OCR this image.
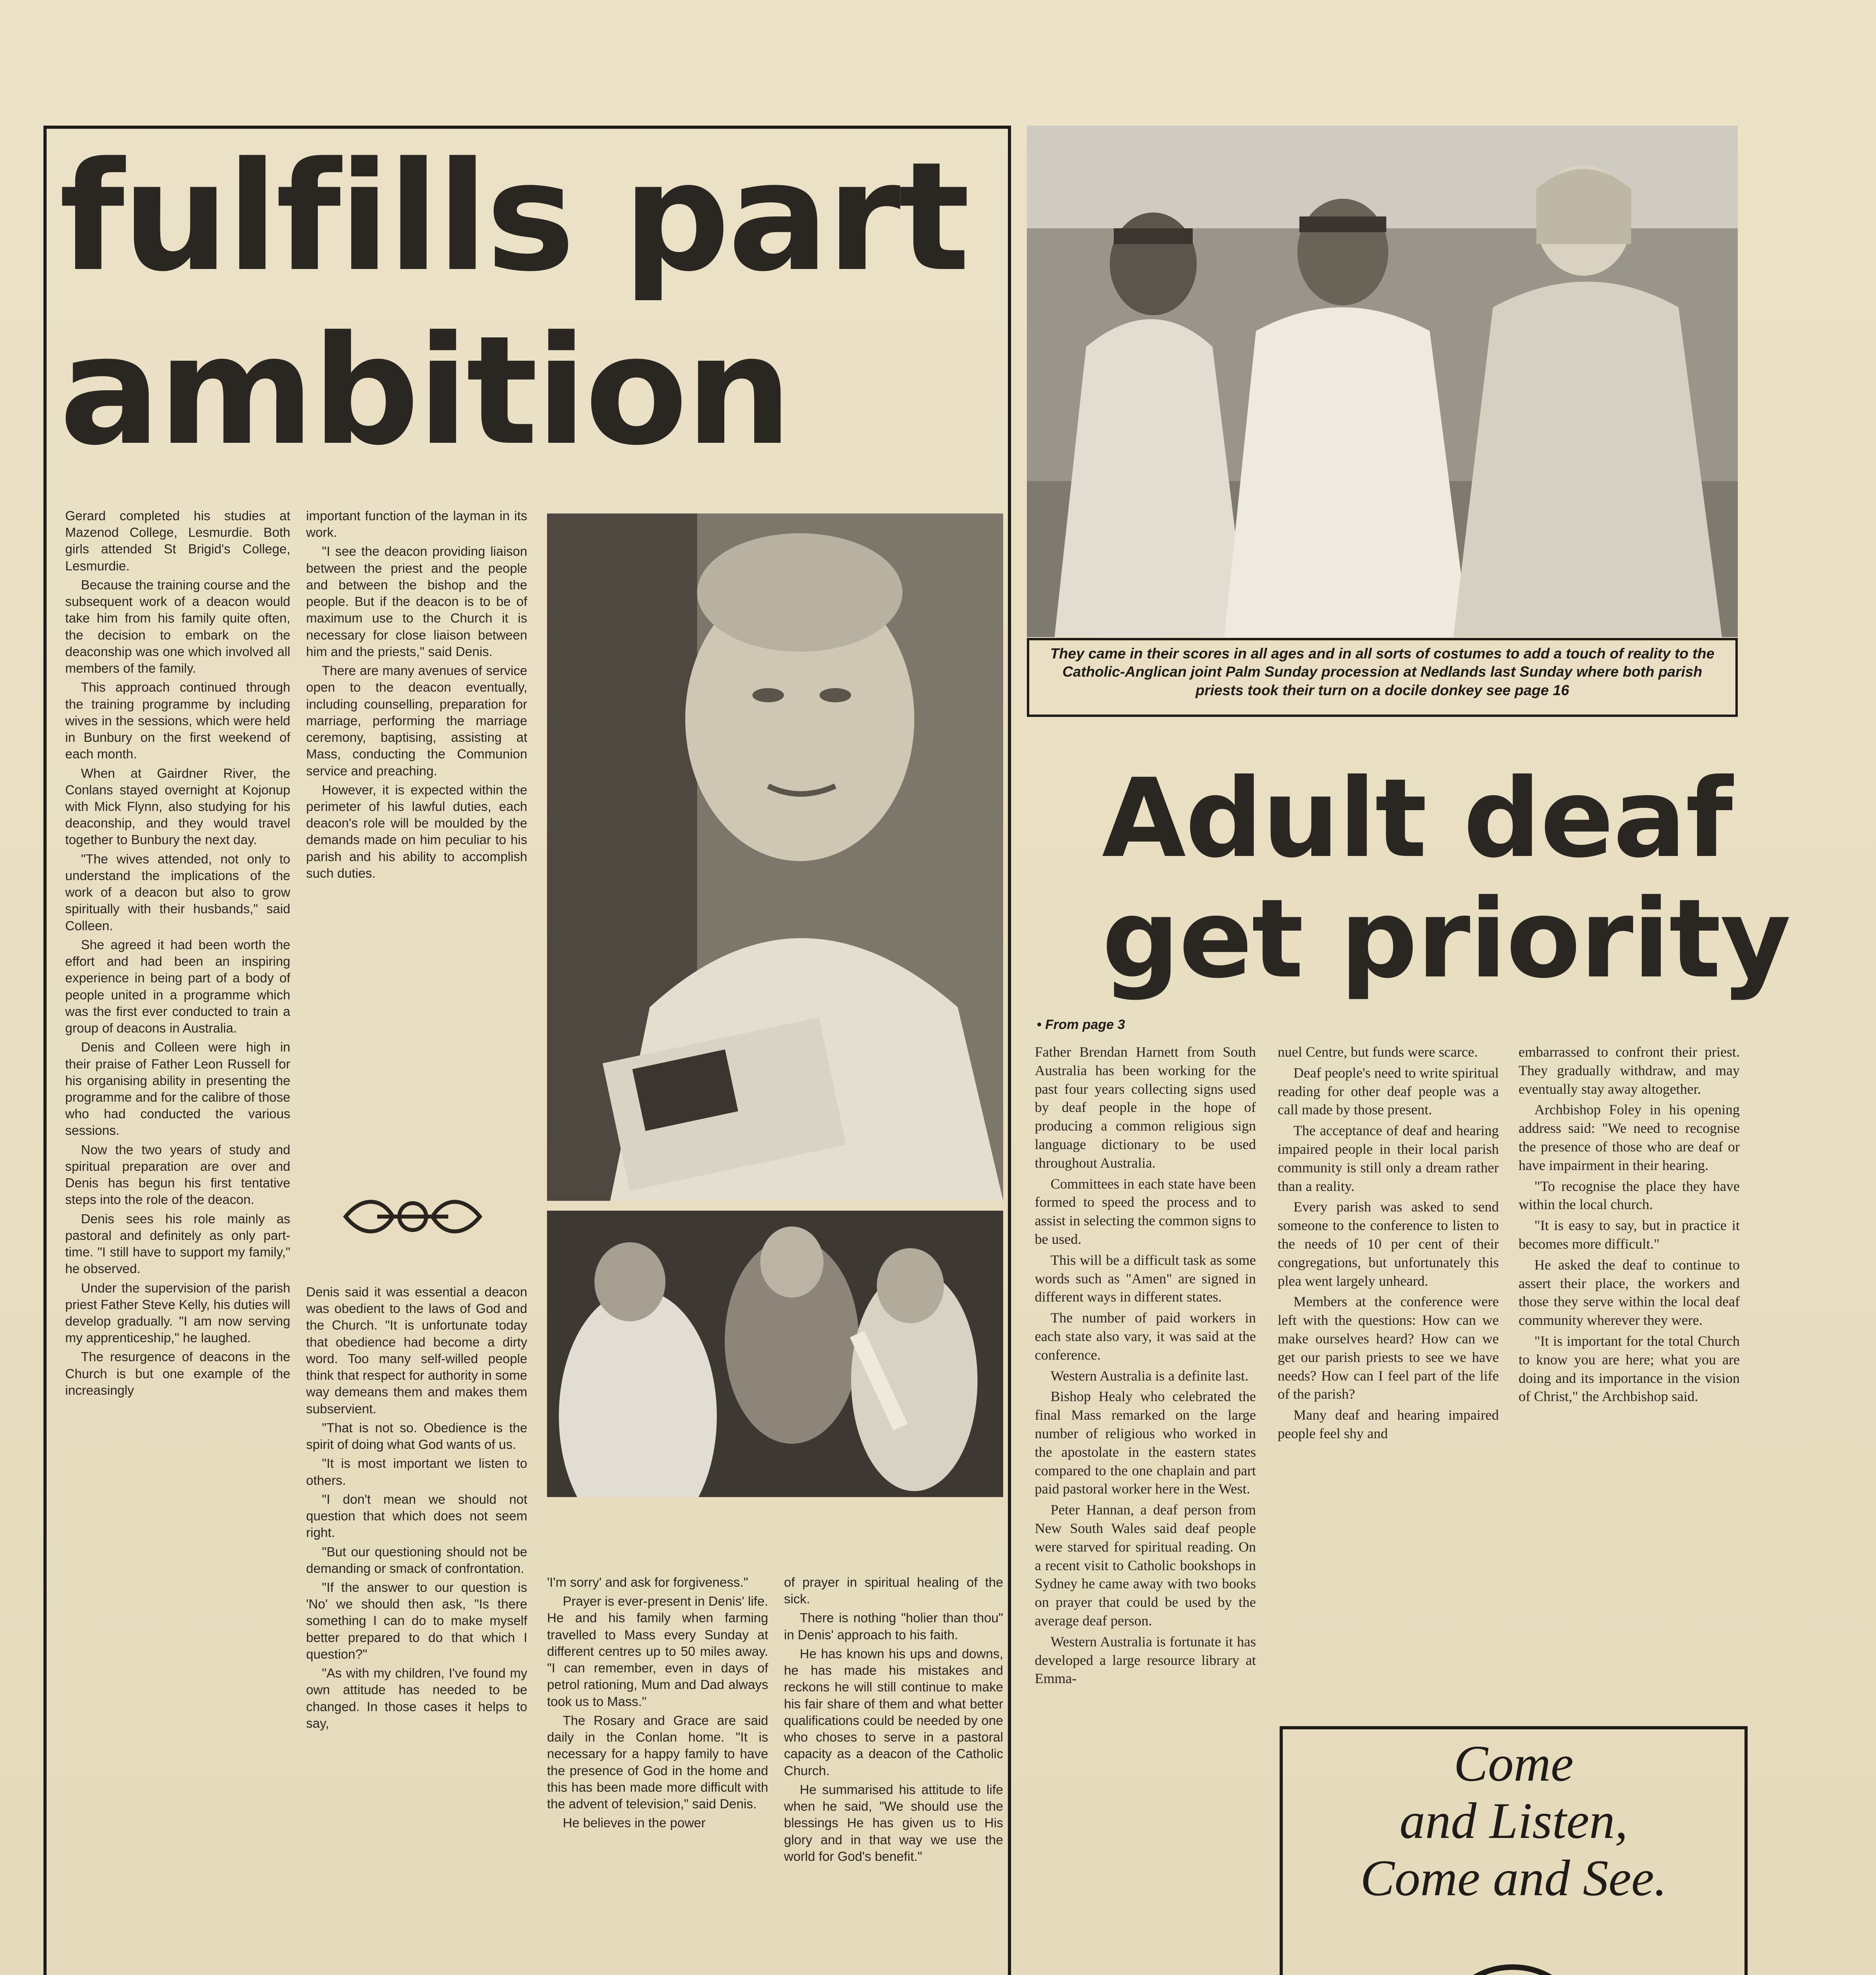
fulfills part
ambition

Gerard completed his studies at Mazenod College, Lesmurdie. Both girls attended St Brigid's College, Lesmurdie.

Because the training course and the subsequent work of a deacon would take him from his family quite often, the decision to embark on the deaconship was one which involved all members of the family.

This approach continued through the training programme by including wives in the sessions, which were held in Bunbury on the first weekend of each month.

When at Gairdner River, the Conlans stayed overnight at Kojonup with Mick Flynn, also studying for his deaconship, and they would travel together to Bunbury the next day.

"The wives attended, not only to understand the implications of the work of a deacon but also to grow spiritually with their husbands," said Colleen.

She agreed it had been worth the effort and had been an inspiring experience in being part of a body of people united in a programme which was the first ever conducted to train a group of deacons in Australia.

Denis and Colleen were high in their praise of Father Leon Russell for his organising ability in presenting the programme and for the calibre of those who had conducted the various sessions.

Now the two years of study and spiritual preparation are over and Denis has begun his first tentative steps into the role of the deacon.

Denis sees his role mainly as pastoral and definitely as only part-time. "I still have to support my family," he observed.

Under the supervision of the parish priest Father Steve Kelly, his duties will develop gradually. "I am now serving my apprenticeship," he laughed.

The resurgence of deacons in the Church is but one example of the increasingly

important function of the layman in its work.

"I see the deacon providing liaison between the priest and the people and between the bishop and the people. But if the deacon is to be of maximum use to the Church it is necessary for close liaison between him and the priests," said Denis.

There are many avenues of service open to the deacon eventually, including counselling, preparation for marriage, performing the marriage ceremony, baptising, assisting at Mass, conducting the Communion service and preaching.

However, it is expected within the perimeter of his lawful duties, each deacon's role will be moulded by the demands made on him peculiar to his parish and his ability to accomplish such duties.

Denis said it was essential a deacon was obedient to the laws of God and the Church. "It is unfortunate today that obedience had become a dirty word. Too many self-willed people think that respect for authority in some way demeans them and makes them subservient.

"That is not so. Obedience is the spirit of doing what God wants of us.

"It is most important we listen to others.

"I don't mean we should not question that which does not seem right.

"But our questioning should not be demanding or smack of confrontation.

"If the answer to our question is 'No' we should then ask, "Is there something I can do to make myself better prepared to do that which I question?"

"As with my children, I've found my own attitude has needed to be changed. In those cases it helps to say,

'I'm sorry' and ask for forgiveness."

Prayer is ever-present in Denis' life. He and his family when farming travelled to Mass every Sunday at different centres up to 50 miles away. "I can remember, even in days of petrol rationing, Mum and Dad always took us to Mass."

The Rosary and Grace are said daily in the Conlan home. "It is necessary for a happy family to have the presence of God in the home and this has been made more difficult with the advent of television," said Denis.

He believes in the power

of prayer in spiritual healing of the sick.

There is nothing "holier than thou" in Denis' approach to his faith.

He has known his ups and downs, he has made his mistakes and reckons he will still continue to make his fair share of them and what better qualifications could be needed by one who choses to serve in a pastoral capacity as a deacon of the Catholic Church.

He summarised his attitude to life when he said, "We should use the blessings He has given us to His glory and in that way we use the world for God's benefit."

They came in their scores in all ages and in all sorts of costumes to add a touch of reality to the Catholic-Anglican joint Palm Sunday procession at Nedlands last Sunday where both parish priests took their turn on a docile donkey see page 16
Adult deaf
get priority
• From page 3

Father Brendan Harnett from South Australia has been working for the past four years collecting signs used by deaf people in the hope of producing a common religious sign language dictionary to be used throughout Australia.

Committees in each state have been formed to speed the process and to assist in selecting the common signs to be used.

This will be a difficult task as some words such as "Amen" are signed in different ways in different states.

The number of paid workers in each state also vary, it was said at the conference.

Western Australia is a definite last.

Bishop Healy who celebrated the final Mass remarked on the large number of religious who worked in the apostolate in the eastern states compared to the one chaplain and part paid pastoral worker here in the West.

Peter Hannan, a deaf person from New South Wales said deaf people were starved for spiritual reading. On a recent visit to Catholic bookshops in Sydney he came away with two books on prayer that could be used by the average deaf person.

Western Australia is fortunate it has developed a large resource library at Emma-

nuel Centre, but funds were scarce.

Deaf people's need to write spiritual reading for other deaf people was a call made by those present.

The acceptance of deaf and hearing impaired people in their local parish community is still only a dream rather than a reality.

Every parish was asked to send someone to the conference to listen to the needs of 10 per cent of their congregations, but unfortunately this plea went largely unheard.

Members at the conference were left with the questions: How can we make ourselves heard? How can we get our parish priests to see we have needs? How can I feel part of the life of the parish?

Many deaf and hearing impaired people feel shy and

embarrassed to confront their priest. They gradually withdraw, and may eventually stay away altogether.

Archbishop Foley in his opening address said: "We need to recognise the presence of those who are deaf or have impairment in their hearing.

"To recognise the place they have within the local church.

"It is easy to say, but in practice it becomes more difficult."

He asked the deaf to continue to assert their place, the workers and those they serve within the local deaf community wherever they were.

"It is important for the total Church to know you are here; what you are doing and its importance in the vision of Christ," the Archbishop said.

Come
and Listen,
Come and See.
